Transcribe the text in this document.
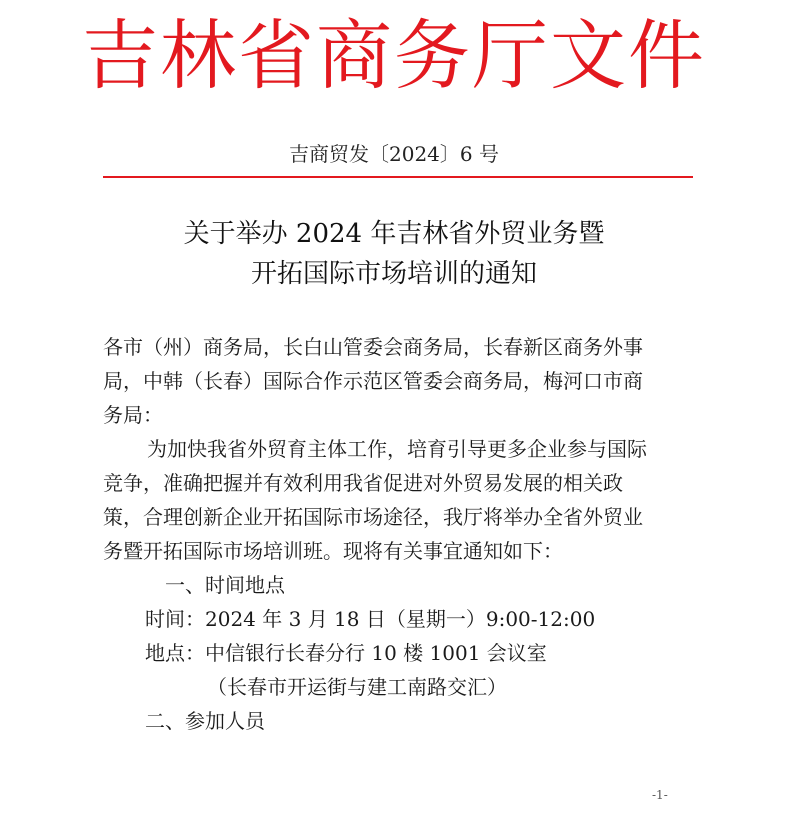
吉林省商务厅文件
吉商贸发〔2024〕6 号
关于举办 2024 年吉林省外贸业务暨
开拓国际市场培训的通知

各市（州）商务局，长白山管委会商务局，长春新区商务外事
局，中韩（长春）国际合作示范区管委会商务局，梅河口市商
务局：

为加快我省外贸育主体工作，培育引导更多企业参与国际
竞争，准确把握并有效利用我省促进对外贸易发展的相关政
策，合理创新企业开拓国际市场途径，我厅将举办全省外贸业
务暨开拓国际市场培训班。现将有关事宜通知如下：

一、时间地点
时间：2024 年 3 月 18 日（星期一）9:00-12:00
地点：中信银行长春分行 10 楼 1001 会议室
（长春市开运街与建工南路交汇）
二、参加人员
-1-
